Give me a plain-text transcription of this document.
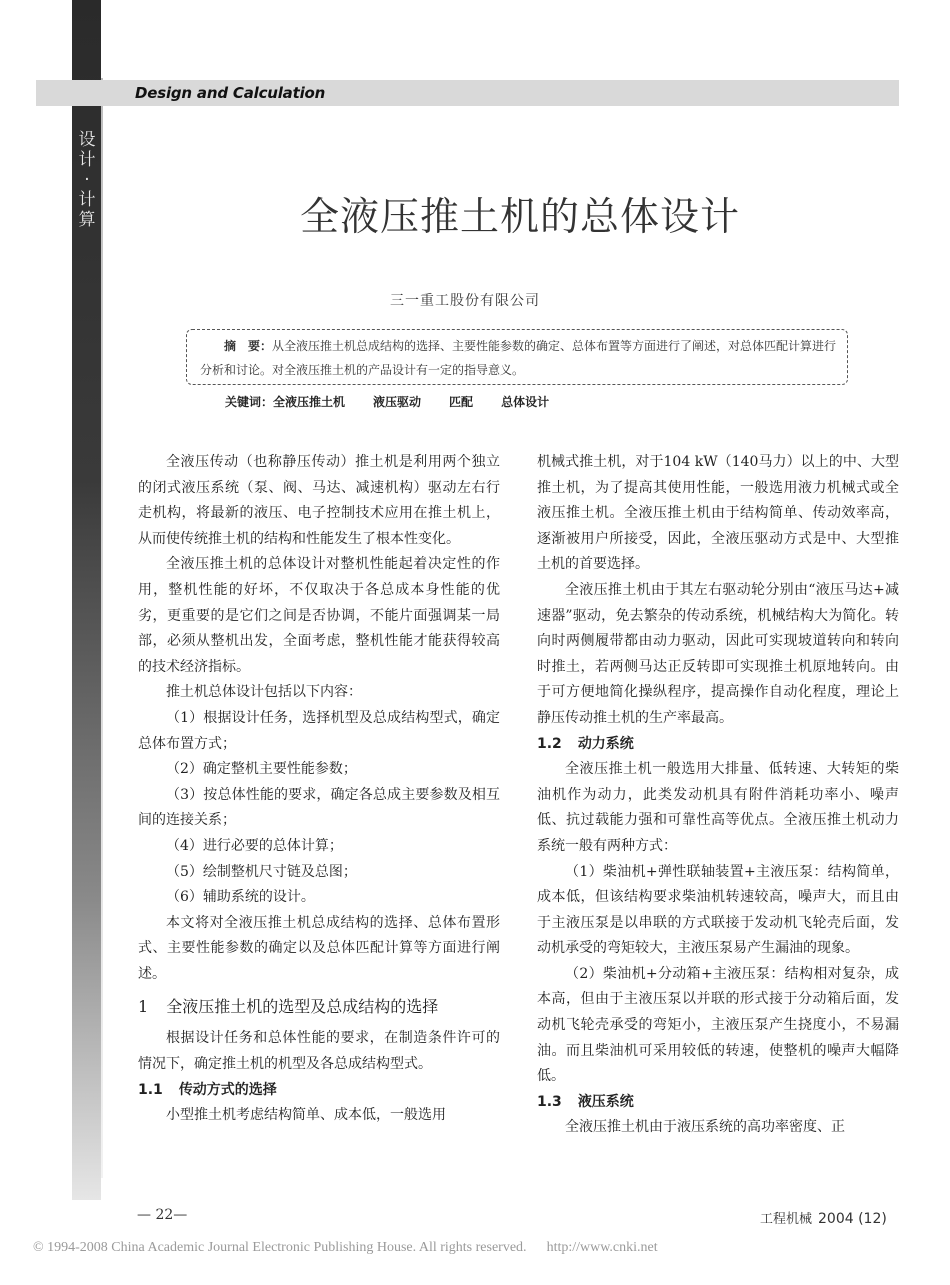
Design and Calculation
设计·计算	全液压推土机的总体设计
三一重工股份有限公司
摘　要：从全液压推土机总成结构的选择、主要性能参数的确定、总体布置等方面进行了阐述，对总体匹配计算进行分析和讨论。对全液压推土机的产品设计有一定的指导意义。
关键词：全液压推土机 液压驱动 匹配 总体设计

全液压传动（也称静压传动）推土机是利用两个独立的闭式液压系统（泵、阀、马达、减速机构）驱动左右行走机构，将最新的液压、电子控制技术应用在推土机上，从而使传统推土机的结构和性能发生了根本性变化。

全液压推土机的总体设计对整机性能起着决定性的作用，整机性能的好坏，不仅取决于各总成本身性能的优劣，更重要的是它们之间是否协调，不能片面强调某一局部，必须从整机出发，全面考虑，整机性能才能获得较高的技术经济指标。

推土机总体设计包括以下内容：

（1）根据设计任务，选择机型及总成结构型式，确定总体布置方式；

（2）确定整机主要性能参数；

（3）按总体性能的要求，确定各总成主要参数及相互间的连接关系；

（4）进行必要的总体计算；

（5）绘制整机尺寸链及总图；

（6）辅助系统的设计。

本文将对全液压推土机总成结构的选择、总体布置形式、主要性能参数的确定以及总体匹配计算等方面进行阐述。

1 全液压推土机的选型及总成结构的选择

根据设计任务和总体性能的要求，在制造条件许可的情况下，确定推土机的机型及各总成结构型式。

1.1 传动方式的选择

小型推土机考虑结构简单、成本低，一般选用

机械式推土机，对于104 kW（140马力）以上的中、大型推土机，为了提高其使用性能，一般选用液力机械式或全液压推土机。全液压推土机由于结构简单、传动效率高，逐渐被用户所接受，因此，全液压驱动方式是中、大型推土机的首要选择。

全液压推土机由于其左右驱动轮分别由“液压马达+减速器”驱动，免去繁杂的传动系统，机械结构大为简化。转向时两侧履带都由动力驱动，因此可实现坡道转向和转向时推土，若两侧马达正反转即可实现推土机原地转向。由于可方便地简化操纵程序，提高操作自动化程度，理论上静压传动推土机的生产率最高。

1.2 动力系统

全液压推土机一般选用大排量、低转速、大转矩的柴油机作为动力，此类发动机具有附件消耗功率小、噪声低、抗过载能力强和可靠性高等优点。全液压推土机动力系统一般有两种方式：

（1）柴油机+弹性联轴装置+主液压泵：结构简单，成本低，但该结构要求柴油机转速较高，噪声大，而且由于主液压泵是以串联的方式联接于发动机飞轮壳后面，发动机承受的弯矩较大，主液压泵易产生漏油的现象。

（2）柴油机+分动箱+主液压泵：结构相对复杂，成本高，但由于主液压泵以并联的形式接于分动箱后面，发动机飞轮壳承受的弯矩小，主液压泵产生挠度小，不易漏油。而且柴油机可采用较低的转速，使整机的噪声大幅降低。

1.3 液压系统

全液压推土机由于液压系统的高功率密度、正

— 22—	工程机械 2004 (12)
© 1994-2008 China Academic Journal Electronic Publishing House. All rights reserved. http://www.cnki.net
